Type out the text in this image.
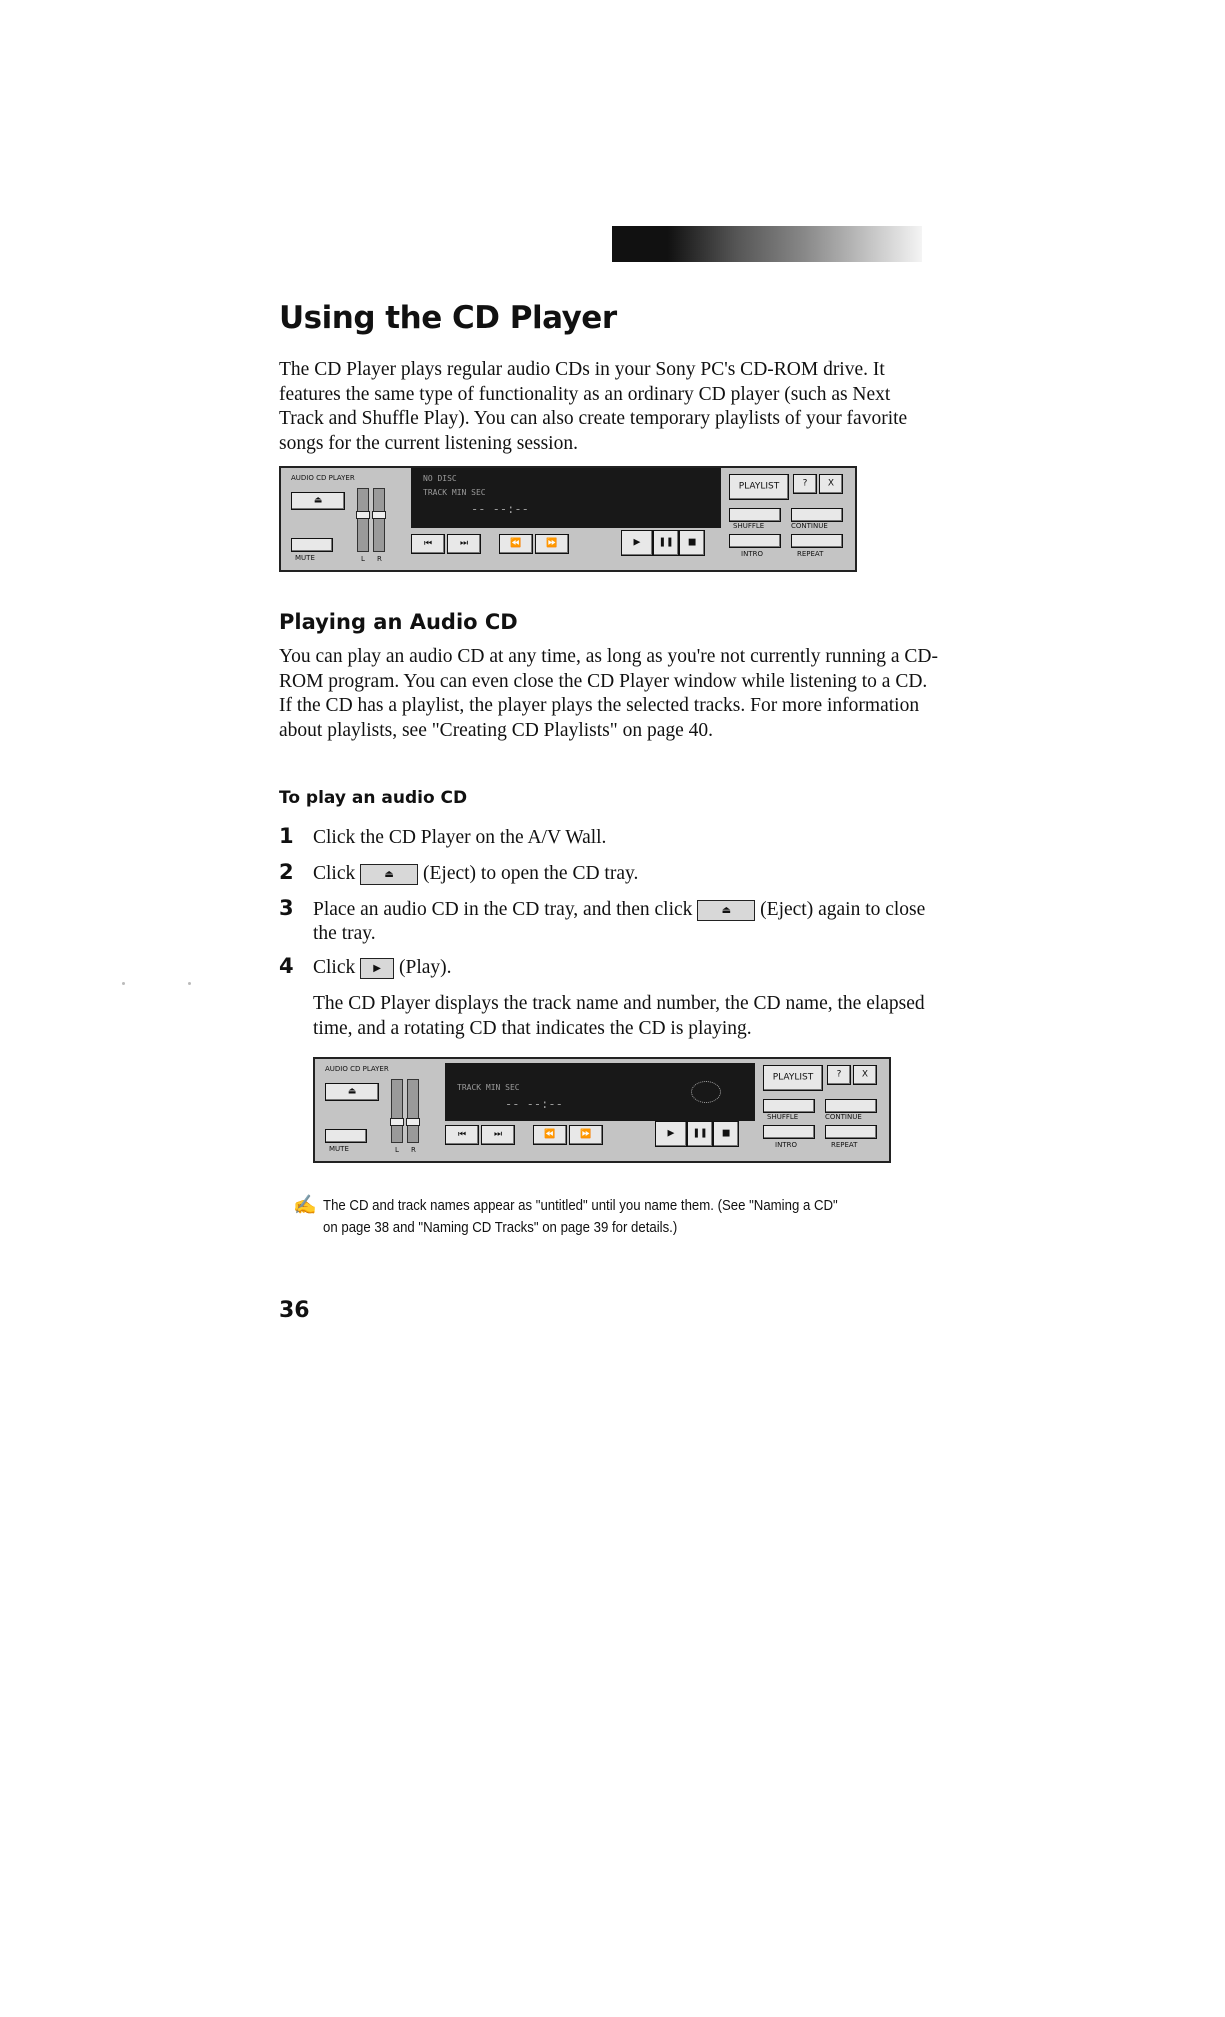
Using the CD Player

The CD Player plays regular audio CDs in your Sony PC's CD-ROM drive. It features the same type of functionality as an ordinary CD player (such as Next Track and Shuffle Play). You can also create temporary playlists of your favorite songs for the current listening session.

AUDIO CD PLAYER
⏏
MUTE	L R
NO DISC
TRACK MIN SEC
-- --:--
⏮	⏭	⏪	⏩	▶	❚❚	■
PLAYLIST	?	X
SHUFFLE	CONTINUE
INTRO	REPEAT
Playing an Audio CD

You can play an audio CD at any time, as long as you're not currently running a CD-ROM program. You can even close the CD Player window while listening to a CD. If the CD has a playlist, the player plays the selected tracks. For more information about playlists, see "Creating CD Playlists" on page 40.

To play an audio CD
1 Click the CD Player on the A/V Wall.
2 Click	⏏ (Eject) to open the CD tray.
3 Place an audio CD in the CD tray, and then click	⏏ (Eject) again to close the tray.
4 Click ▶ (Play).

The CD Player displays the track name and number, the CD name, the elapsed time, and a rotating CD that indicates the CD is playing.

AUDIO CD PLAYER
⏏
MUTE	L R
TRACK MIN SEC
-- --:--
⏮	⏭	⏪	⏩	▶	❚❚	■
PLAYLIST	?	X
SHUFFLE	CONTINUE
INTRO	REPEAT
✍ The CD and track names appear as "untitled" until you name them. (See "Naming a CD" on page 38 and "Naming CD Tracks" on page 39 for details.)
36
